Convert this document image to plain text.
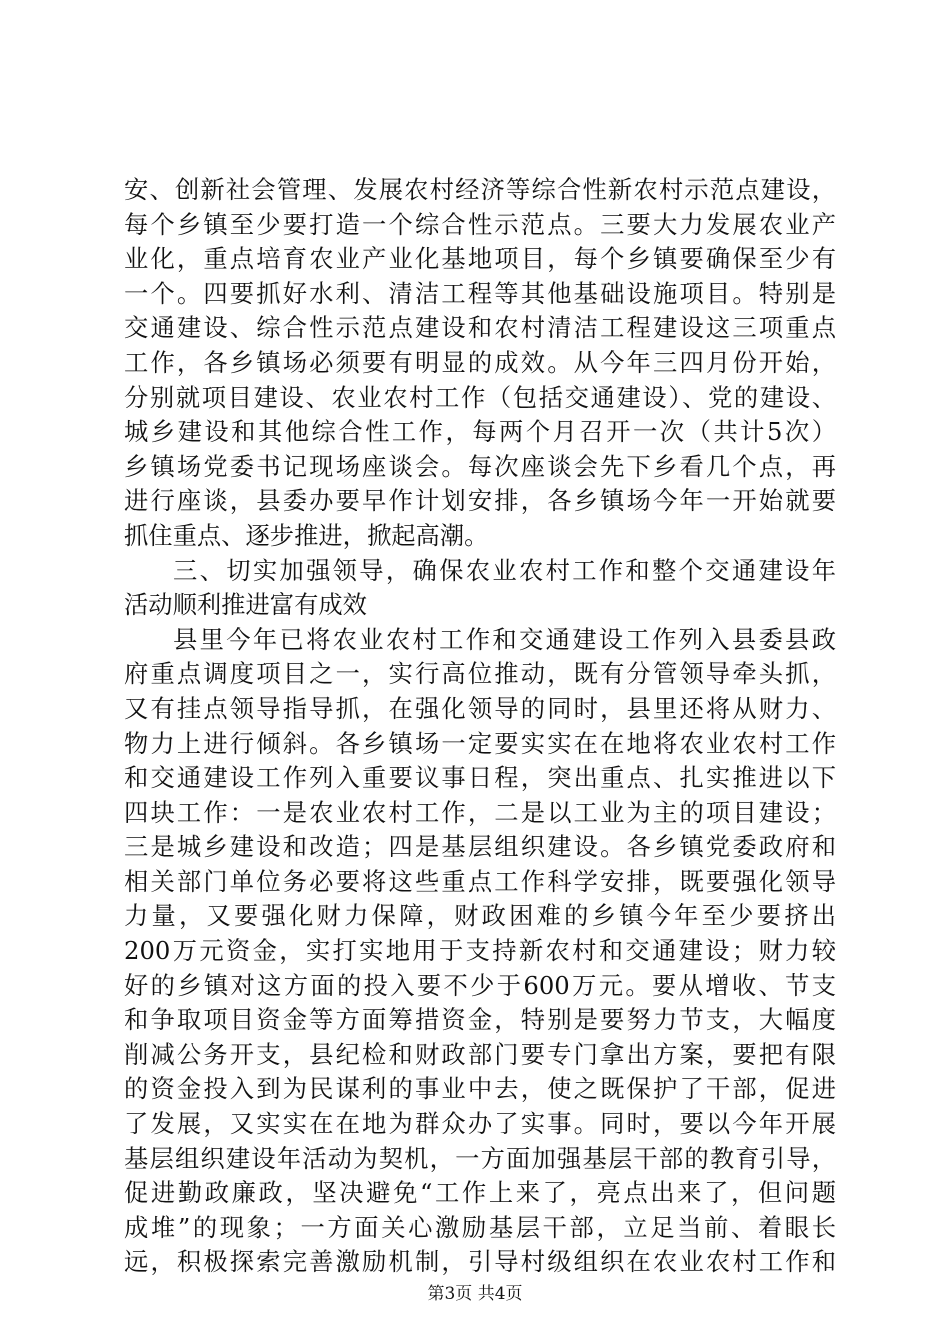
安、创新社会管理、发展农村经济等综合性新农村示范点建设，
每个乡镇至少要打造一个综合性示范点。三要大力发展农业产
业化，重点培育农业产业化基地项目，每个乡镇要确保至少有
一个。四要抓好水利、清洁工程等其他基础设施项目。特别是
交通建设、综合性示范点建设和农村清洁工程建设这三项重点
工作，各乡镇场必须要有明显的成效。从今年三四月份开始，
分别就项目建设、农业农村工作（包括交通建设）、党的建设、
城乡建设和其他综合性工作，每两个月召开一次（共计5次）
乡镇场党委书记现场座谈会。每次座谈会先下乡看几个点，再
进行座谈，县委办要早作计划安排，各乡镇场今年一开始就要
抓住重点、逐步推进，掀起高潮。
三、切实加强领导，确保农业农村工作和整个交通建设年
活动顺利推进富有成效
县里今年已将农业农村工作和交通建设工作列入县委县政
府重点调度项目之一，实行高位推动，既有分管领导牵头抓，
又有挂点领导指导抓，在强化领导的同时，县里还将从财力、
物力上进行倾斜。各乡镇场一定要实实在在地将农业农村工作
和交通建设工作列入重要议事日程，突出重点、扎实推进以下
四块工作：一是农业农村工作，二是以工业为主的项目建设；
三是城乡建设和改造；四是基层组织建设。各乡镇党委政府和
相关部门单位务必要将这些重点工作科学安排，既要强化领导
力量，又要强化财力保障，财政困难的乡镇今年至少要挤出
200万元资金，实打实地用于支持新农村和交通建设；财力较
好的乡镇对这方面的投入要不少于600万元。要从增收、节支
和争取项目资金等方面筹措资金，特别是要努力节支，大幅度
削减公务开支，县纪检和财政部门要专门拿出方案，要把有限
的资金投入到为民谋利的事业中去，使之既保护了干部，促进
了发展，又实实在在地为群众办了实事。同时，要以今年开展
基层组织建设年活动为契机，一方面加强基层干部的教育引导，
促进勤政廉政，坚决避免“工作上来了，亮点出来了，但问题
成堆”的现象；一方面关心激励基层干部，立足当前、着眼长
远，积极探索完善激励机制，引导村级组织在农业农村工作和
第3页 共4页
